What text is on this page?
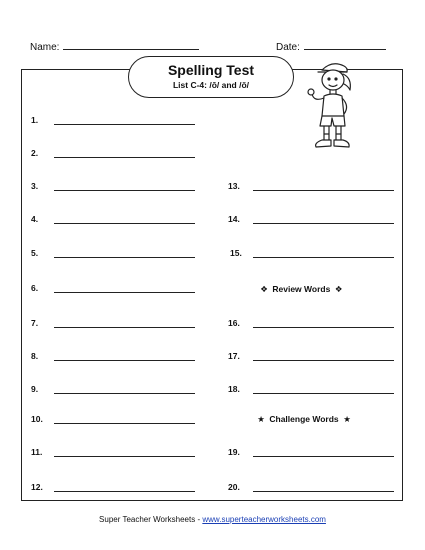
Name:	Date:
Spelling Test
List C-4: /ō/ and /ŏ/
1.
2.
3.
4.
5.
6.
7.
8.
9.
10.
11.
12.
13.
14.
15.
16.
17.
18.
19.
20.
❖ Review Words ❖
★ Challenge Words ★
Super Teacher Worksheets - www.superteacherworksheets.com
